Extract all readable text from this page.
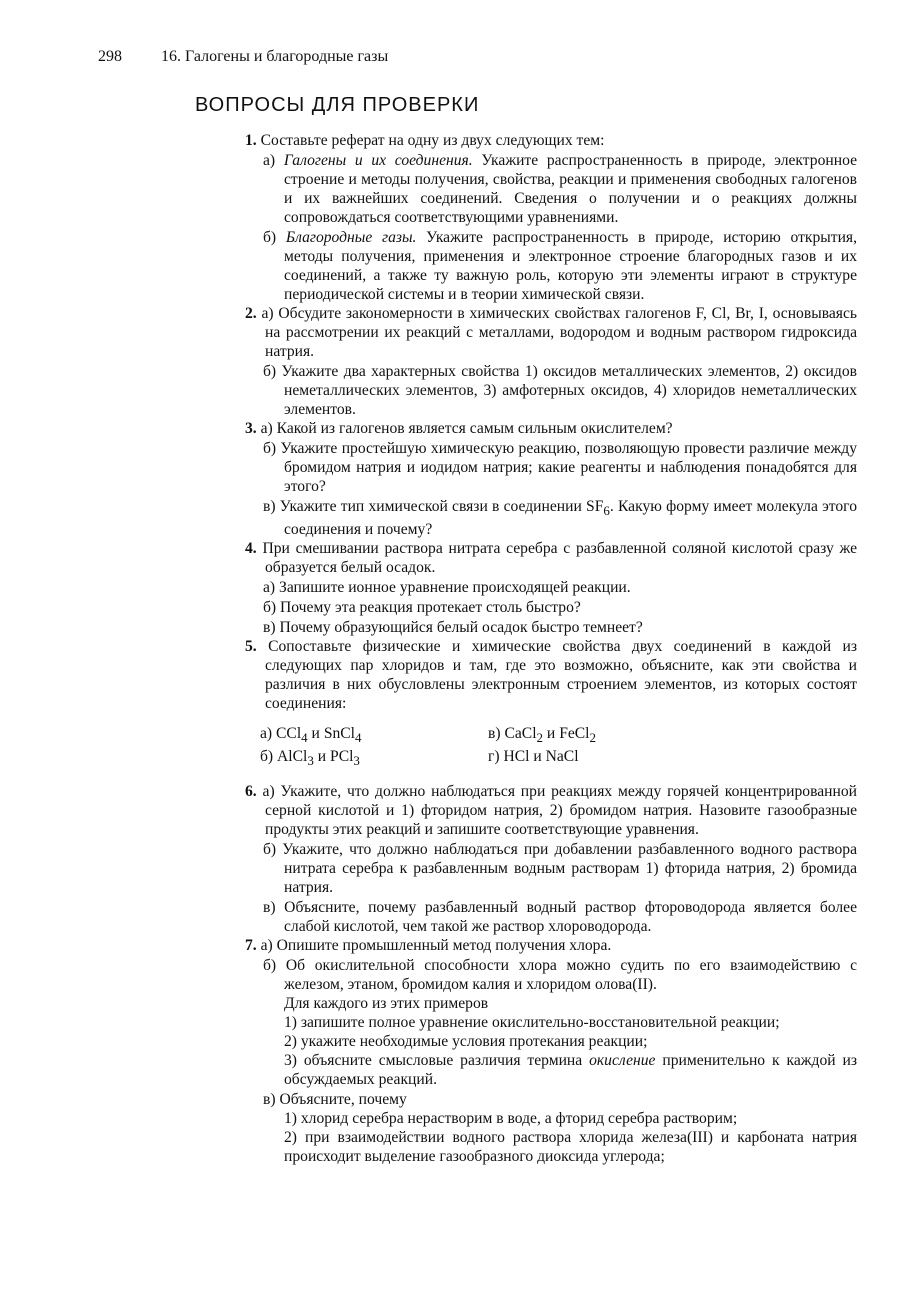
298 16. Галогены и благородные газы
ВОПРОСЫ ДЛЯ ПРОВЕРКИ

1. Составьте реферат на одну из двух следующих тем:

а) Галогены и их соединения. Укажите распространенность в природе, электронное строение и методы получения, свойства, реакции и применения свободных галогенов и их важнейших соединений. Сведения о получении и о реакциях должны сопровождаться соответствующими уравнениями.

б) Благородные газы. Укажите распространенность в природе, историю открытия, методы получения, применения и электронное строение благородных газов и их соединений, а также ту важную роль, которую эти элементы играют в структуре периодической системы и в теории химической связи.

2. а) Обсудите закономерности в химических свойствах галогенов F, Cl, Br, I, основываясь на рассмотрении их реакций с металлами, водородом и водным раствором гидроксида натрия.

б) Укажите два характерных свойства 1) оксидов металлических элементов, 2) оксидов неметаллических элементов, 3) амфотерных оксидов, 4) хлоридов неметаллических элементов.

3. а) Какой из галогенов является самым сильным окислителем?

б) Укажите простейшую химическую реакцию, позволяющую провести различие между бромидом натрия и иодидом натрия; какие реагенты и наблюдения понадобятся для этого?

в) Укажите тип химической связи в соединении $SF_6$. Какую форму имеет молекула этого соединения и почему?

4. При смешивании раствора нитрата серебра с разбавленной соляной кислотой сразу же образуется белый осадок.

а) Запишите ионное уравнение происходящей реакции.

б) Почему эта реакция протекает столь быстро?

в) Почему образующийся белый осадок быстро темнеет?

5. Сопоставьте физические и химические свойства двух соединений в каждой из следующих пар хлоридов и там, где это возможно, объясните, как эти свойства и различия в них обусловлены электронным строением элементов, из которых состоят соединения:

а) CCl$_4$ и SnCl$_4$	в) CaCl$_2$ и FeCl$_2$
б) AlCl$_3$ и PCl$_3$	г) HCl и NaCl

6. а) Укажите, что должно наблюдаться при реакциях между горячей концентрированной серной кислотой и 1) фторидом натрия, 2) бромидом натрия. Назовите газообразные продукты этих реакций и запишите соответствующие уравнения.

б) Укажите, что должно наблюдаться при добавлении разбавленного водного раствора нитрата серебра к разбавленным водным растворам 1) фторида натрия, 2) бромида натрия.

в) Объясните, почему разбавленный водный раствор фтороводорода является более слабой кислотой, чем такой же раствор хлороводорода.

7. а) Опишите промышленный метод получения хлора.

б) Об окислительной способности хлора можно судить по его взаимодействию с железом, этаном, бромидом калия и хлоридом олова(II).

Для каждого из этих примеров

1) запишите полное уравнение окислительно-восстановительной реакции;

2) укажите необходимые условия протекания реакции;

3) объясните смысловые различия термина окисление применительно к каждой из обсуждаемых реакций.

в) Объясните, почему

1) хлорид серебра нерастворим в воде, а фторид серебра растворим;

2) при взаимодействии водного раствора хлорида железа(III) и карбоната натрия происходит выделение газообразного диоксида углерода;
